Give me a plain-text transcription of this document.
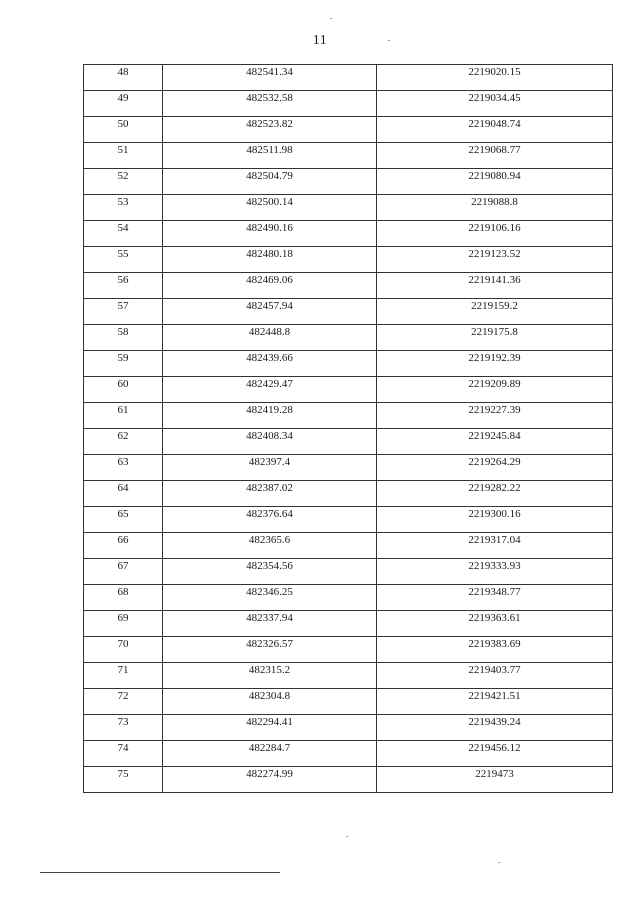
11
48	482541.34	2219020.15
49	482532.58	2219034.45
50	482523.82	2219048.74
51	482511.98	2219068.77
52	482504.79	2219080.94
53	482500.14	2219088.8
54	482490.16	2219106.16
55	482480.18	2219123.52
56	482469.06	2219141.36
57	482457.94	2219159.2
58	482448.8	2219175.8
59	482439.66	2219192.39
60	482429.47	2219209.89
61	482419.28	2219227.39
62	482408.34	2219245.84
63	482397.4	2219264.29
64	482387.02	2219282.22
65	482376.64	2219300.16
66	482365.6	2219317.04
67	482354.56	2219333.93
68	482346.25	2219348.77
69	482337.94	2219363.61
70	482326.57	2219383.69
71	482315.2	2219403.77
72	482304.8	2219421.51
73	482294.41	2219439.24
74	482284.7	2219456.12
75	482274.99	2219473
